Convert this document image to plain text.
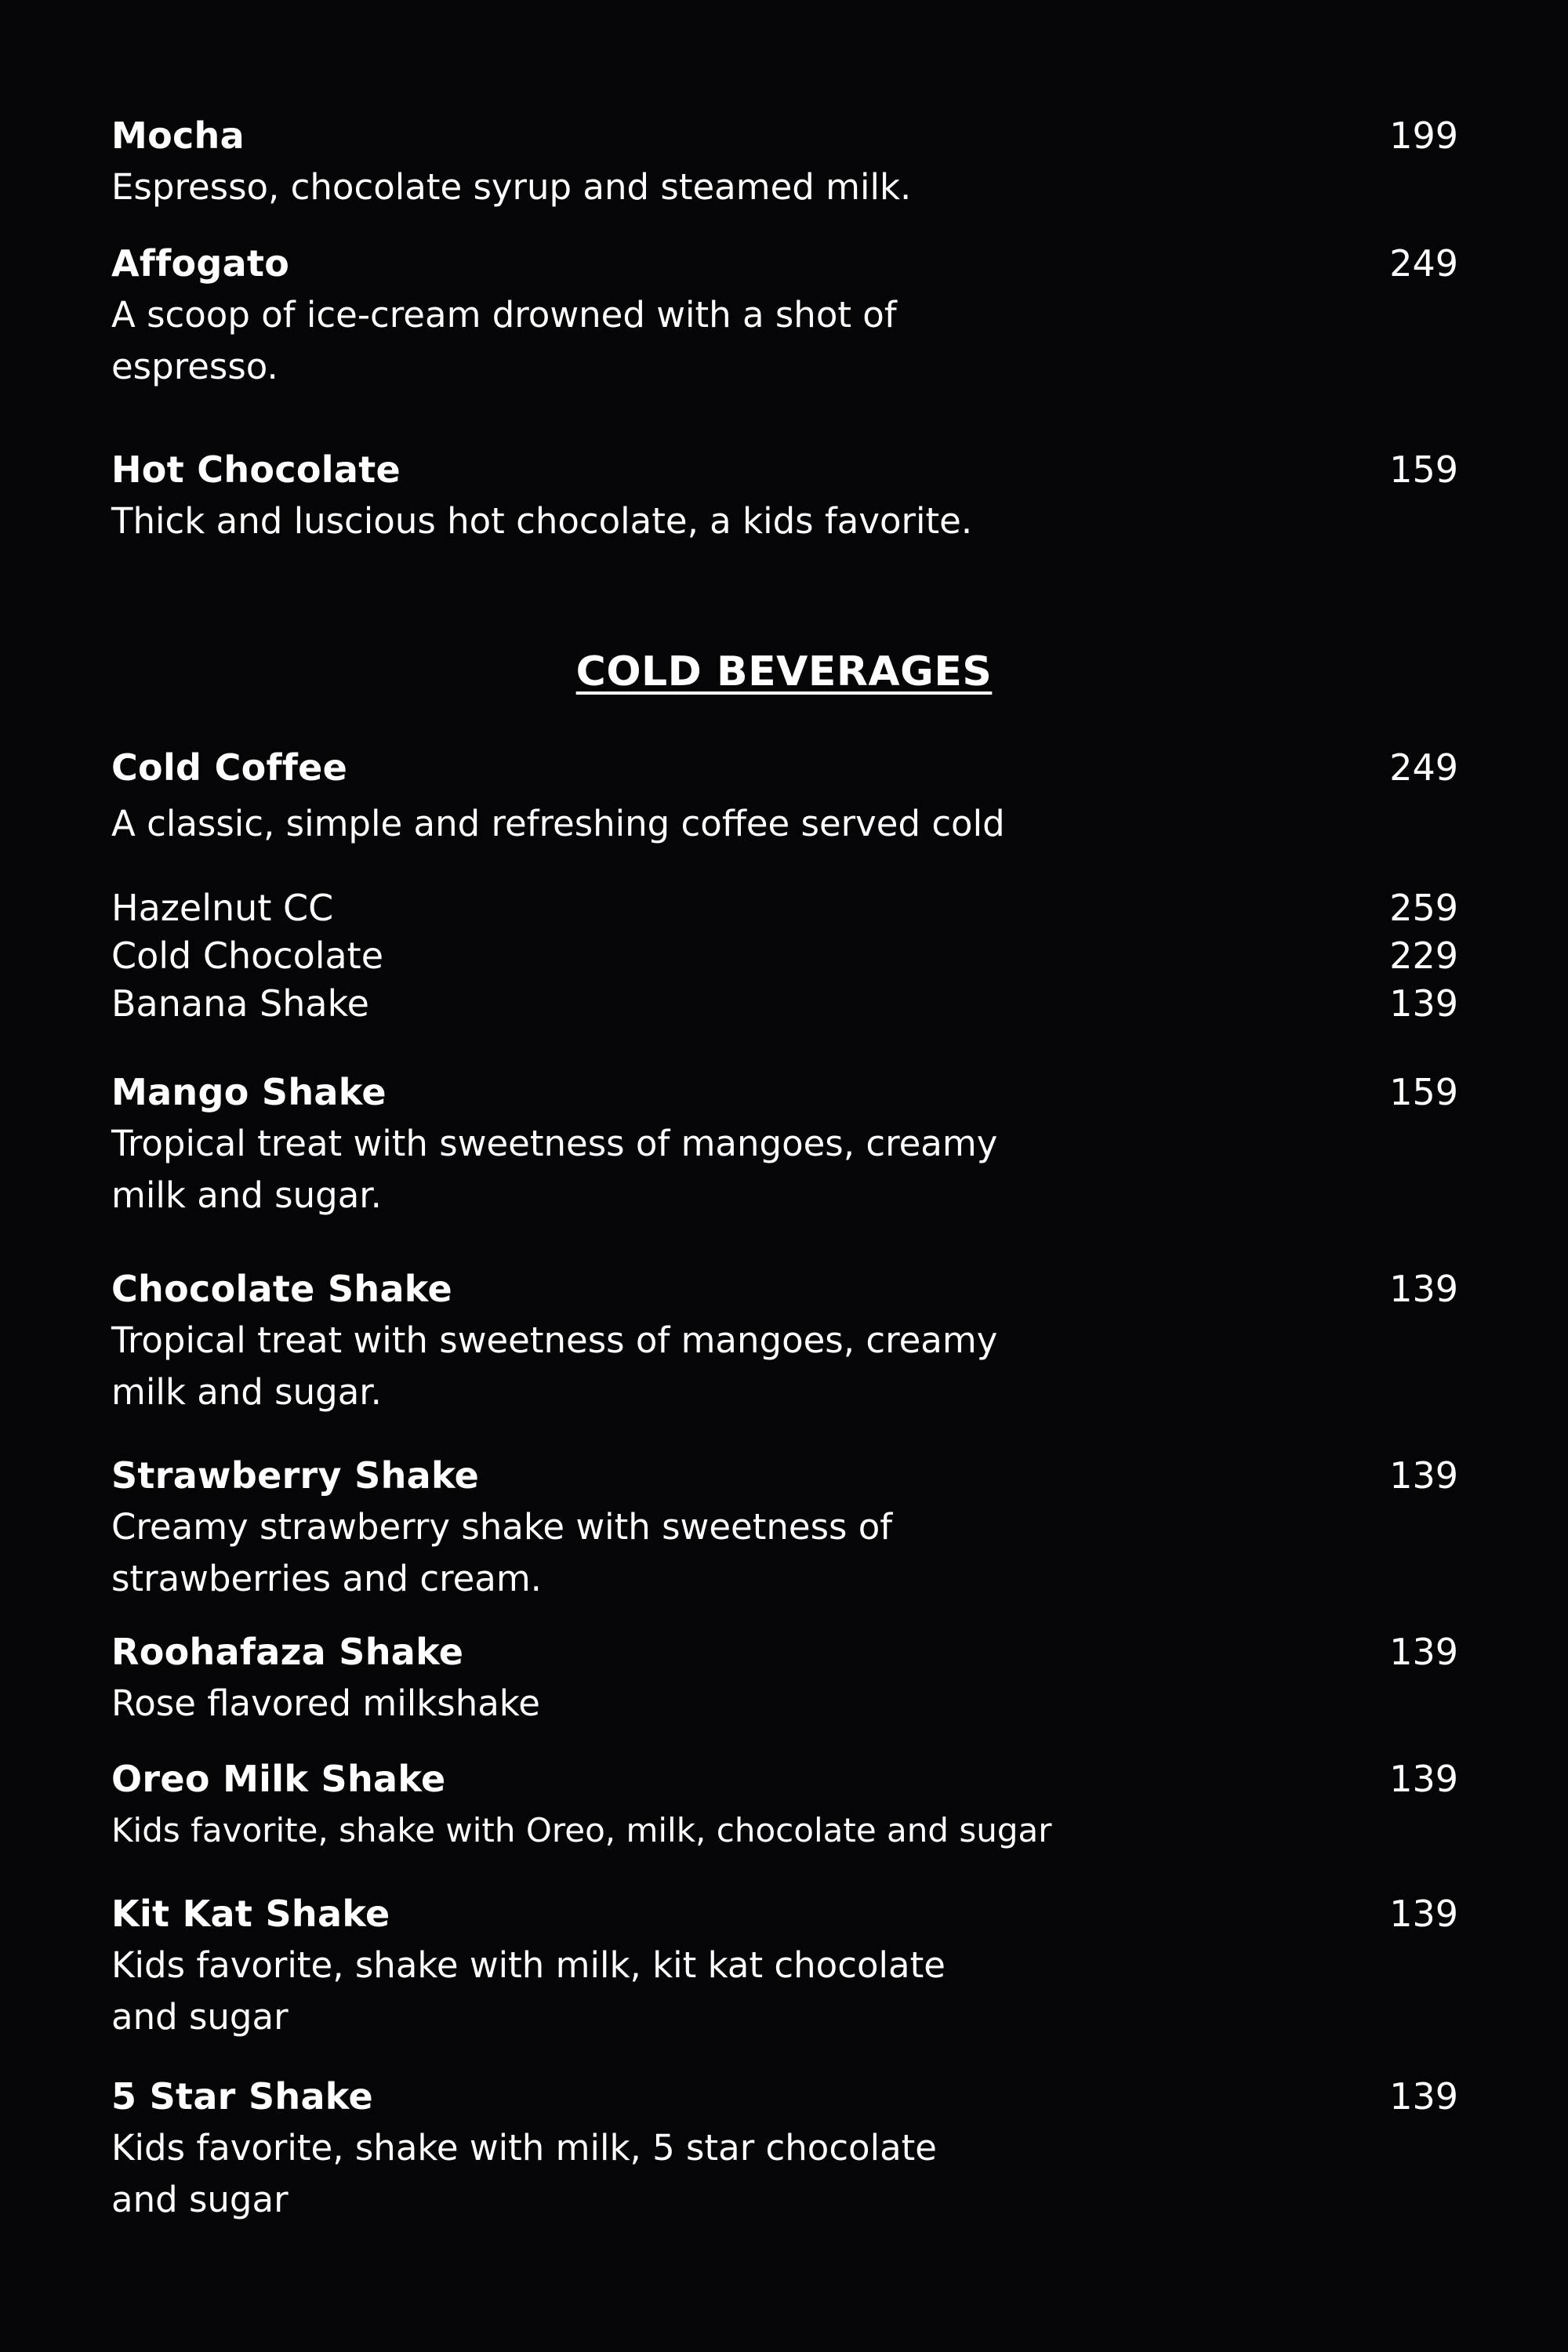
Mocha	199
Espresso, chocolate syrup and steamed milk.
Affogato	249
A scoop of ice-cream drowned with a shot of
espresso.
Hot Chocolate	159
Thick and luscious hot chocolate, a kids favorite.
COLD BEVERAGES
Cold Coffee	249
A classic, simple and refreshing coffee served cold
Hazelnut CC	259
Cold Chocolate	229
Banana Shake	139
Mango Shake	159
Tropical treat with sweetness of mangoes, creamy
milk and sugar.
Chocolate Shake	139
Tropical treat with sweetness of mangoes, creamy
milk and sugar.
Strawberry Shake	139
Creamy strawberry shake with sweetness of
strawberries and cream.
Roohafaza Shake	139
Rose flavored milkshake
Oreo Milk Shake	139
Kids favorite, shake with Oreo, milk, chocolate and sugar
Kit Kat Shake	139
Kids favorite, shake with milk, kit kat chocolate
and sugar
5 Star Shake	139
Kids favorite, shake with milk, 5 star chocolate
and sugar
